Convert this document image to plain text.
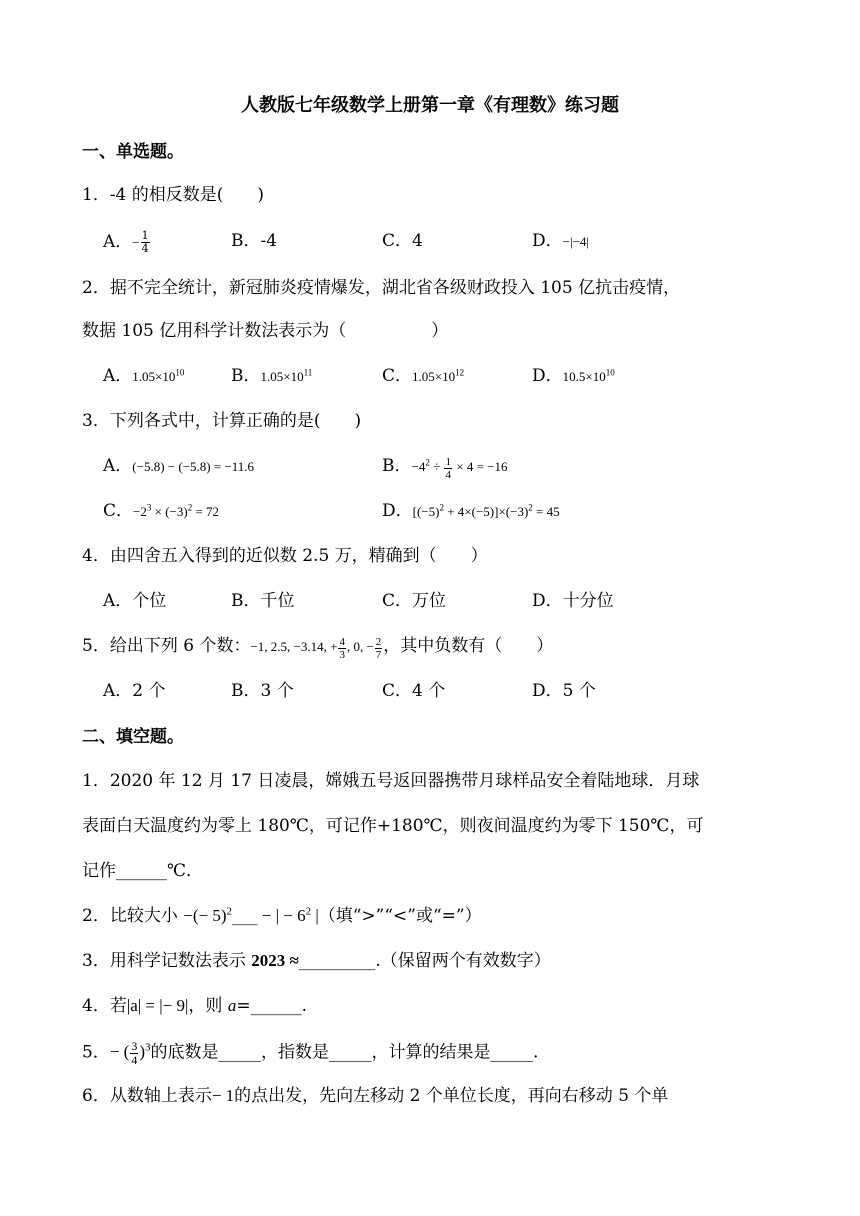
人教版七年级数学上册第一章《有理数》练习题
一、单选题。
1．-4 的相反数是(　　)
A．− $\frac{1}{4}$	B．-4	C．4	D．−|−4|
2．据不完全统计，新冠肺炎疫情爆发，湖北省各级财政投入 105 亿抗击疫情，
数据 105 亿用科学计数法表示为（　　　　　）
A．$1.05\times 10^{10}$	B．$1.05\times 10^{11}$	C．$1.05\times 10^{12}$	D．$10.5\times 10^{10}$
3．下列各式中，计算正确的是(　　)
A．(−5.8) − (−5.8) = −11.6	B．$-4^2 \div \frac{1}{4} \times 4 = -16$
C．$-2^3 \times (-3)^2 = 72$	D．$[(-5)^2 + 4\times(-5)]\times(-3)^2 = 45$
4．由四舍五入得到的近似数 2.5 万，精确到（　　）
A．个位	B．千位	C．万位	D．十分位
5．给出下列 6 个数：−1, 2.5, −3.14, + $\frac{4}{3}$ , 0, − $\frac{2}{7}$ ，其中负数有（　　）
A．2 个	B．3 个	C．4 个	D．5 个
二、填空题。
1．2020 年 12 月 17 日凌晨，嫦娥五号返回器携带月球样品安全着陆地球．月球
表面白天温度约为零上 180℃，可记作+180℃，则夜间温度约为零下 150℃，可
记作______℃．
2．比较大小 −(− 5)$^2$___ − | − $6^2$ |（填“>”“<”或“=”）
3．用科学记数法表示 2023 ≈_________.（保留两个有效数字）
4．若|a| = |− 9|，则 a=______.
5．− ( $\frac{3}{4} )^3$的底数是_____，指数是_____，计算的结果是_____.
6．从数轴上表示− 1的点出发，先向左移动 2 个单位长度，再向右移动 5 个单
